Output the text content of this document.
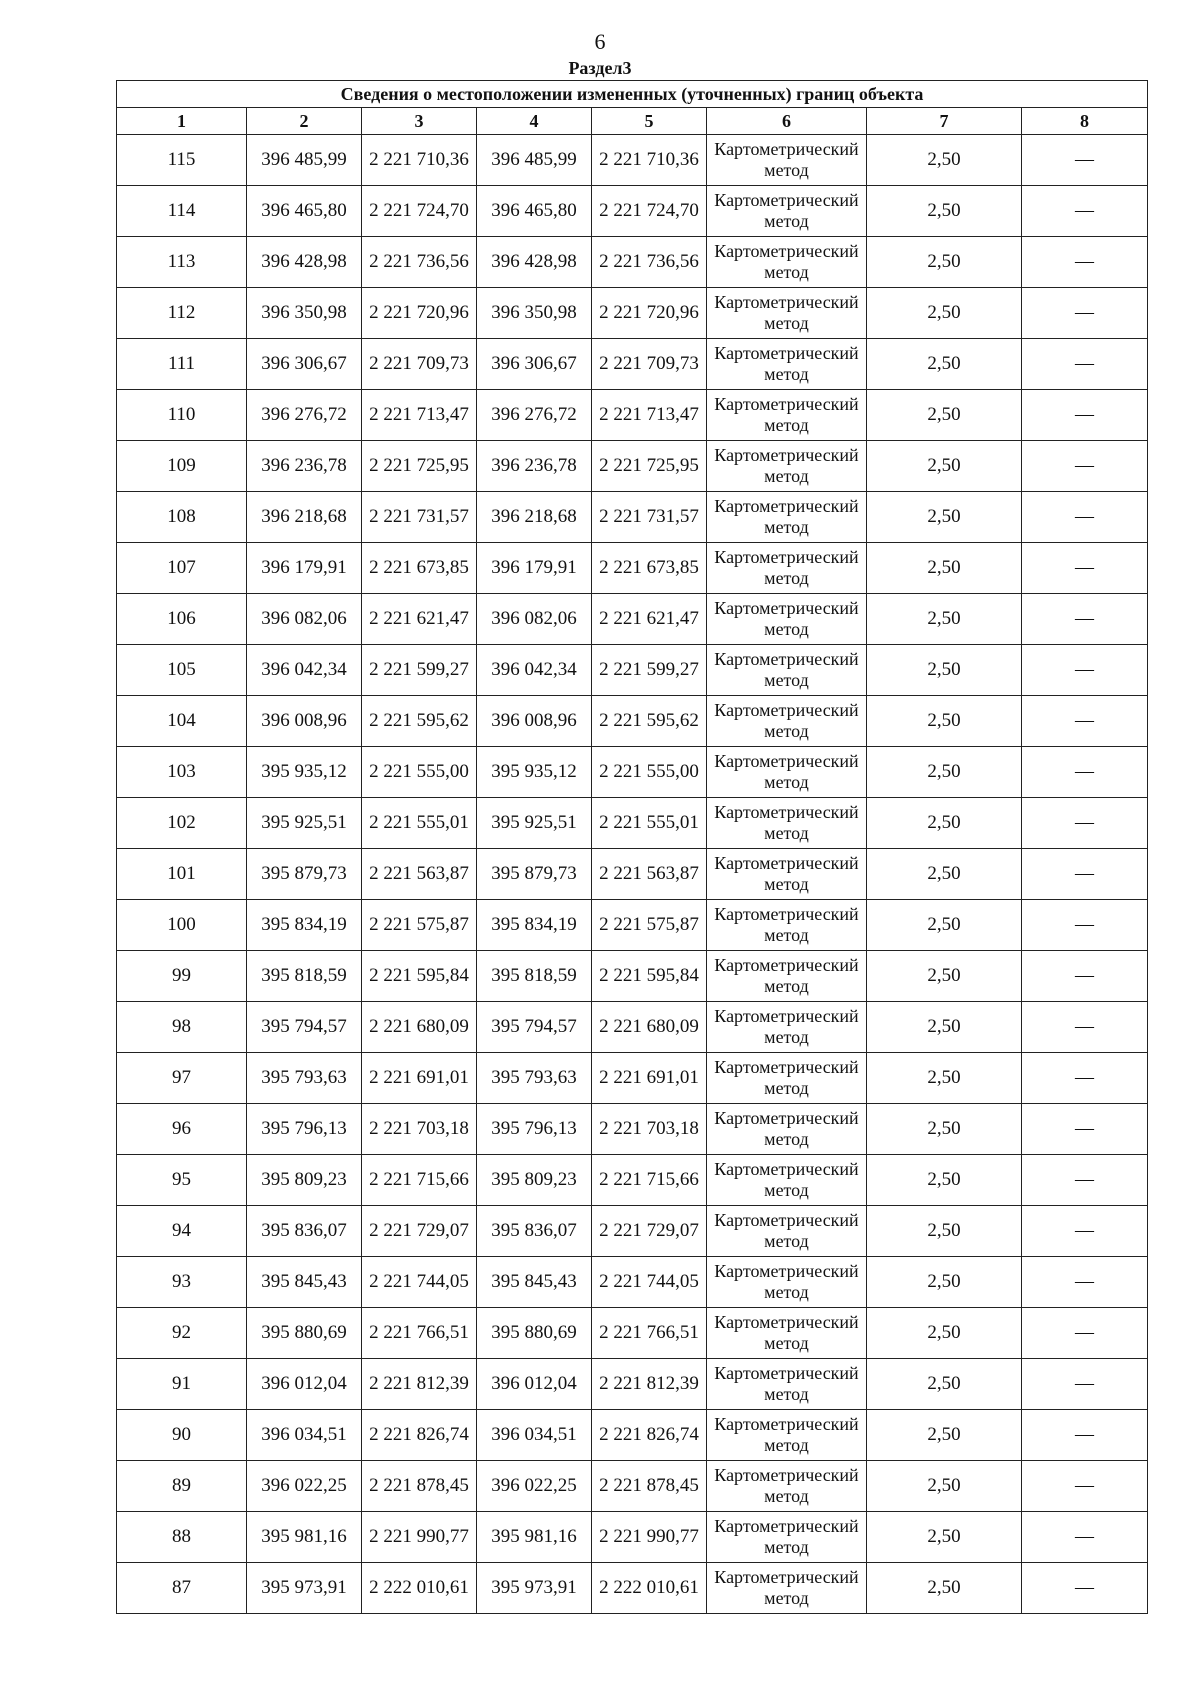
6
Раздел3
Сведения о местоположении измененных (уточненных) границ объекта							
1	2	3	4	5	6	7	8
115	396 485,99	2 221 710,36	396 485,99	2 221 710,36	Картометрический метод	2,50	—
114	396 465,80	2 221 724,70	396 465,80	2 221 724,70	Картометрический метод	2,50	—
113	396 428,98	2 221 736,56	396 428,98	2 221 736,56	Картометрический метод	2,50	—
112	396 350,98	2 221 720,96	396 350,98	2 221 720,96	Картометрический метод	2,50	—
111	396 306,67	2 221 709,73	396 306,67	2 221 709,73	Картометрический метод	2,50	—
110	396 276,72	2 221 713,47	396 276,72	2 221 713,47	Картометрический метод	2,50	—
109	396 236,78	2 221 725,95	396 236,78	2 221 725,95	Картометрический метод	2,50	—
108	396 218,68	2 221 731,57	396 218,68	2 221 731,57	Картометрический метод	2,50	—
107	396 179,91	2 221 673,85	396 179,91	2 221 673,85	Картометрический метод	2,50	—
106	396 082,06	2 221 621,47	396 082,06	2 221 621,47	Картометрический метод	2,50	—
105	396 042,34	2 221 599,27	396 042,34	2 221 599,27	Картометрический метод	2,50	—
104	396 008,96	2 221 595,62	396 008,96	2 221 595,62	Картометрический метод	2,50	—
103	395 935,12	2 221 555,00	395 935,12	2 221 555,00	Картометрический метод	2,50	—
102	395 925,51	2 221 555,01	395 925,51	2 221 555,01	Картометрический метод	2,50	—
101	395 879,73	2 221 563,87	395 879,73	2 221 563,87	Картометрический метод	2,50	—
100	395 834,19	2 221 575,87	395 834,19	2 221 575,87	Картометрический метод	2,50	—
99	395 818,59	2 221 595,84	395 818,59	2 221 595,84	Картометрический метод	2,50	—
98	395 794,57	2 221 680,09	395 794,57	2 221 680,09	Картометрический метод	2,50	—
97	395 793,63	2 221 691,01	395 793,63	2 221 691,01	Картометрический метод	2,50	—
96	395 796,13	2 221 703,18	395 796,13	2 221 703,18	Картометрический метод	2,50	—
95	395 809,23	2 221 715,66	395 809,23	2 221 715,66	Картометрический метод	2,50	—
94	395 836,07	2 221 729,07	395 836,07	2 221 729,07	Картометрический метод	2,50	—
93	395 845,43	2 221 744,05	395 845,43	2 221 744,05	Картометрический метод	2,50	—
92	395 880,69	2 221 766,51	395 880,69	2 221 766,51	Картометрический метод	2,50	—
91	396 012,04	2 221 812,39	396 012,04	2 221 812,39	Картометрический метод	2,50	—
90	396 034,51	2 221 826,74	396 034,51	2 221 826,74	Картометрический метод	2,50	—
89	396 022,25	2 221 878,45	396 022,25	2 221 878,45	Картометрический метод	2,50	—
88	395 981,16	2 221 990,77	395 981,16	2 221 990,77	Картометрический метод	2,50	—
87	395 973,91	2 222 010,61	395 973,91	2 222 010,61	Картометрический метод	2,50	—
